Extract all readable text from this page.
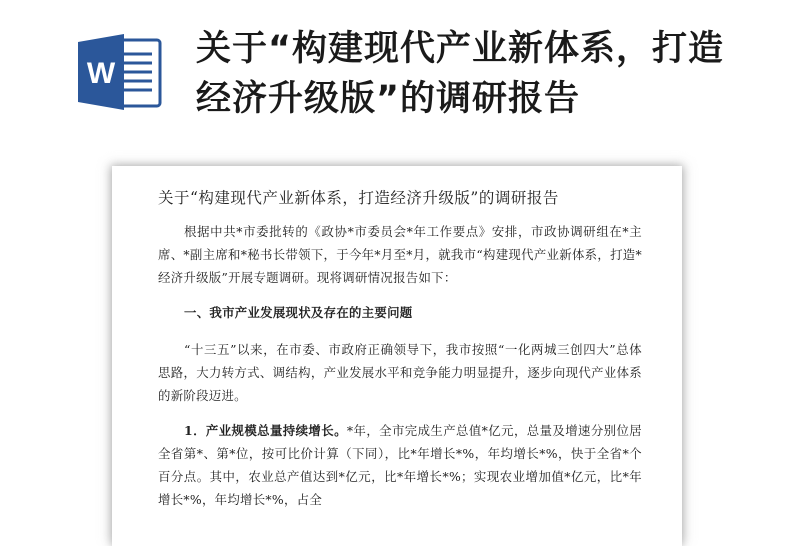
W
关于“构建现代产业新体系，打造经济升级版”的调研报告
关于“构建现代产业新体系，打造经济升级版”的调研报告

根据中共*市委批转的《政协*市委员会*年工作要点》安排，市政协调研组在*主席、*副主席和*秘书长带领下，于今年*月至*月，就我市“构建现代产业新体系，打造*经济升级版”开展专题调研。现将调研情况报告如下：

一、我市产业发展现状及存在的主要问题

“十三五”以来，在市委、市政府正确领导下，我市按照“一化两城三创四大”总体思路，大力转方式、调结构，产业发展水平和竞争能力明显提升，逐步向现代产业体系的新阶段迈进。

1．产业规模总量持续增长。*年，全市完成生产总值*亿元，总量及增速分别位居全省第*、第*位，按可比价计算（下同），比*年增长*%，年均增长*%，快于全省*个百分点。其中，农业总产值达到*亿元，比*年增长*%；实现农业增加值*亿元，比*年增长*%，年均增长*%，占全
